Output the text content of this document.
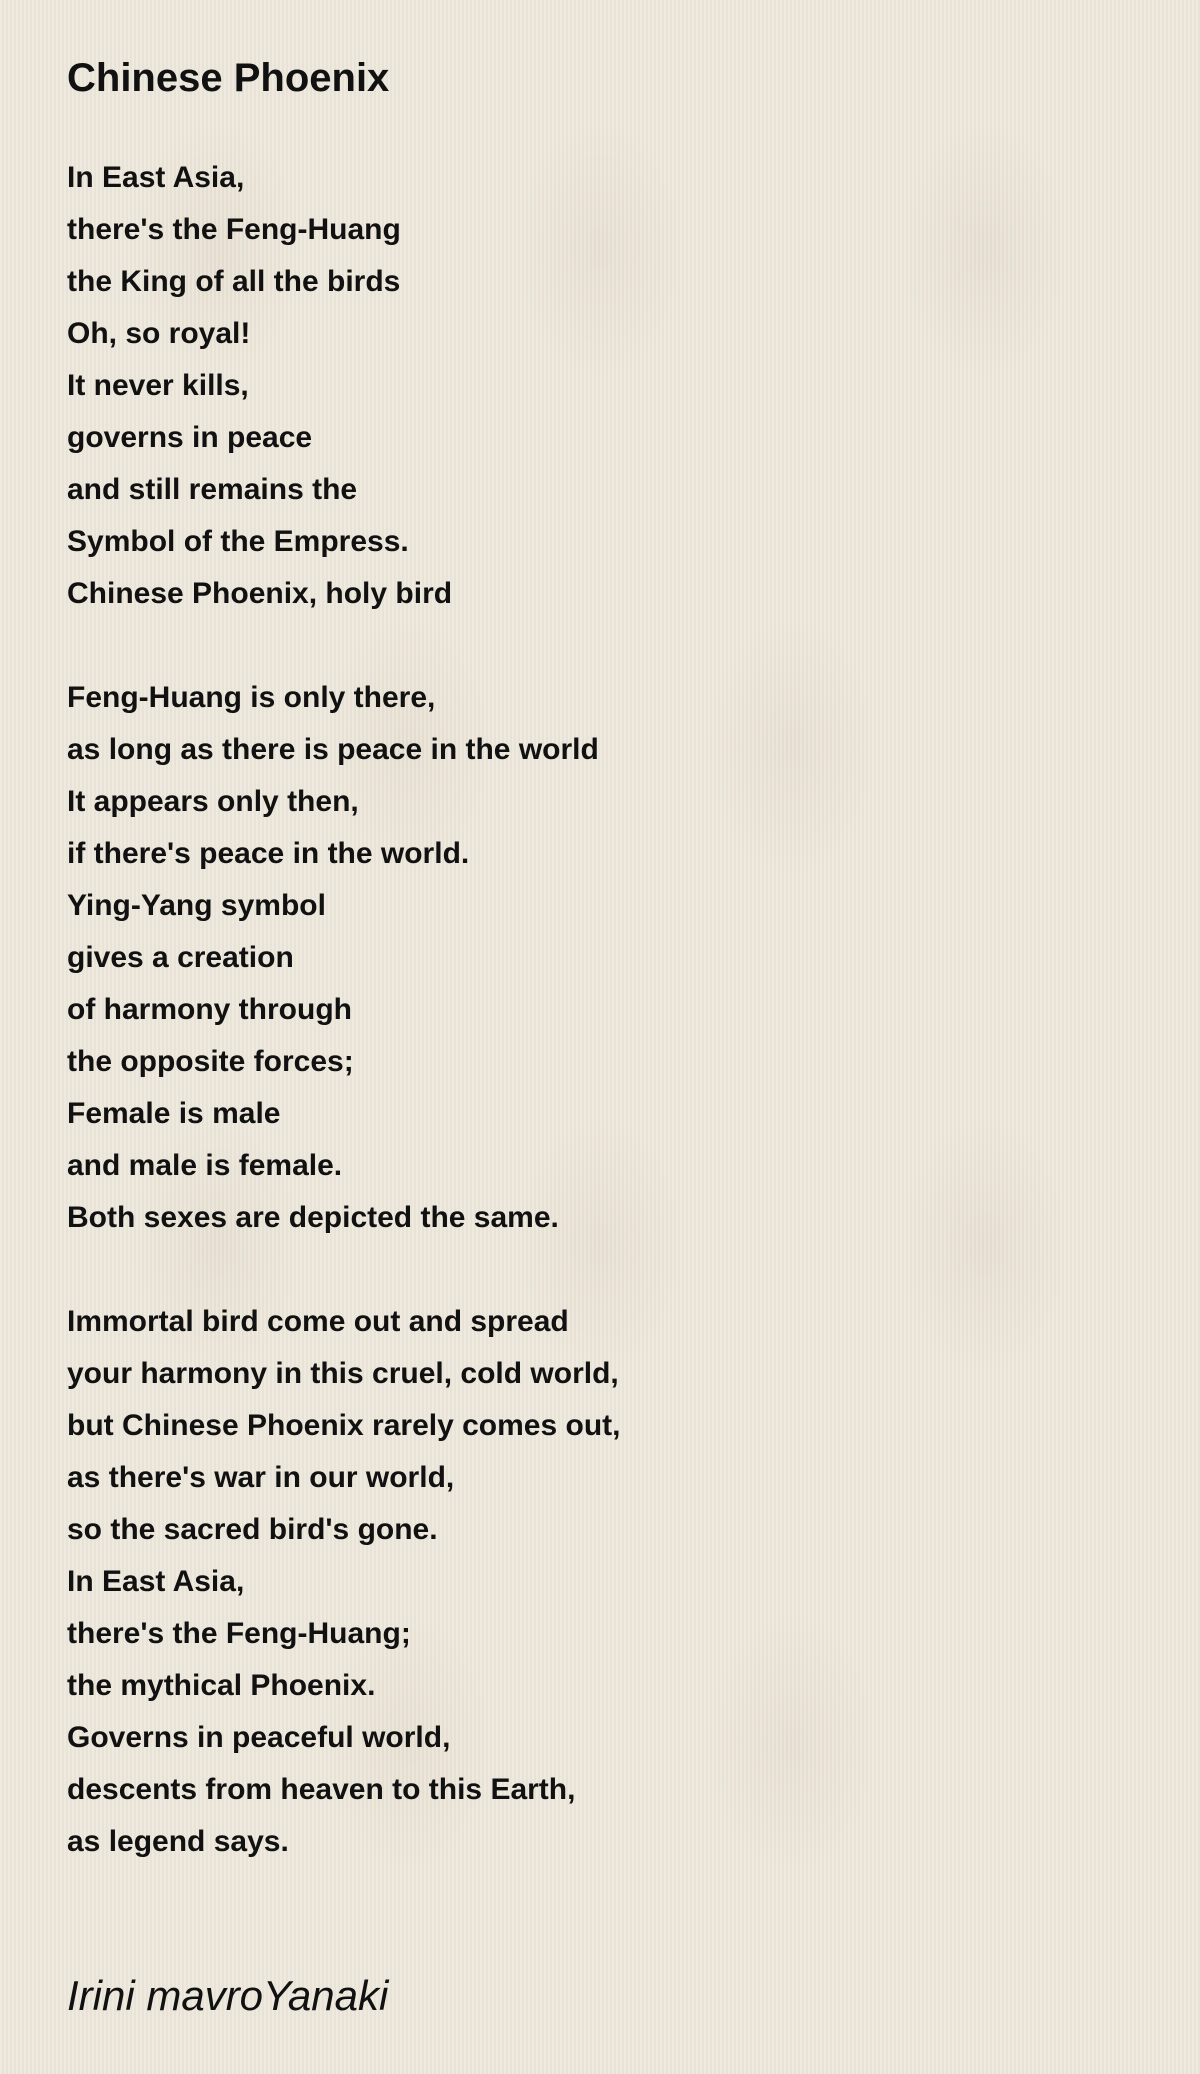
Chinese Phoenix
In East Asia,
there's the Feng-Huang
the King of all the birds
Oh, so royal!
It never kills,
governs in peace
and still remains the
Symbol of the Empress.
Chinese Phoenix, holy bird
Feng-Huang is only there,
as long as there is peace in the world
It appears only then,
if there's peace in the world.
Ying-Yang symbol
gives a creation
of harmony through
the opposite forces;
Female is male
and male is female.
Both sexes are depicted the same.
Immortal bird come out and spread
your harmony in this cruel, cold world,
but Chinese Phoenix rarely comes out,
as there's war in our world,
so the sacred bird's gone.
In East Asia,
there's the Feng-Huang;
the mythical Phoenix.
Governs in peaceful world,
descents from heaven to this Earth,
as legend says.
Irini mavroYanaki
